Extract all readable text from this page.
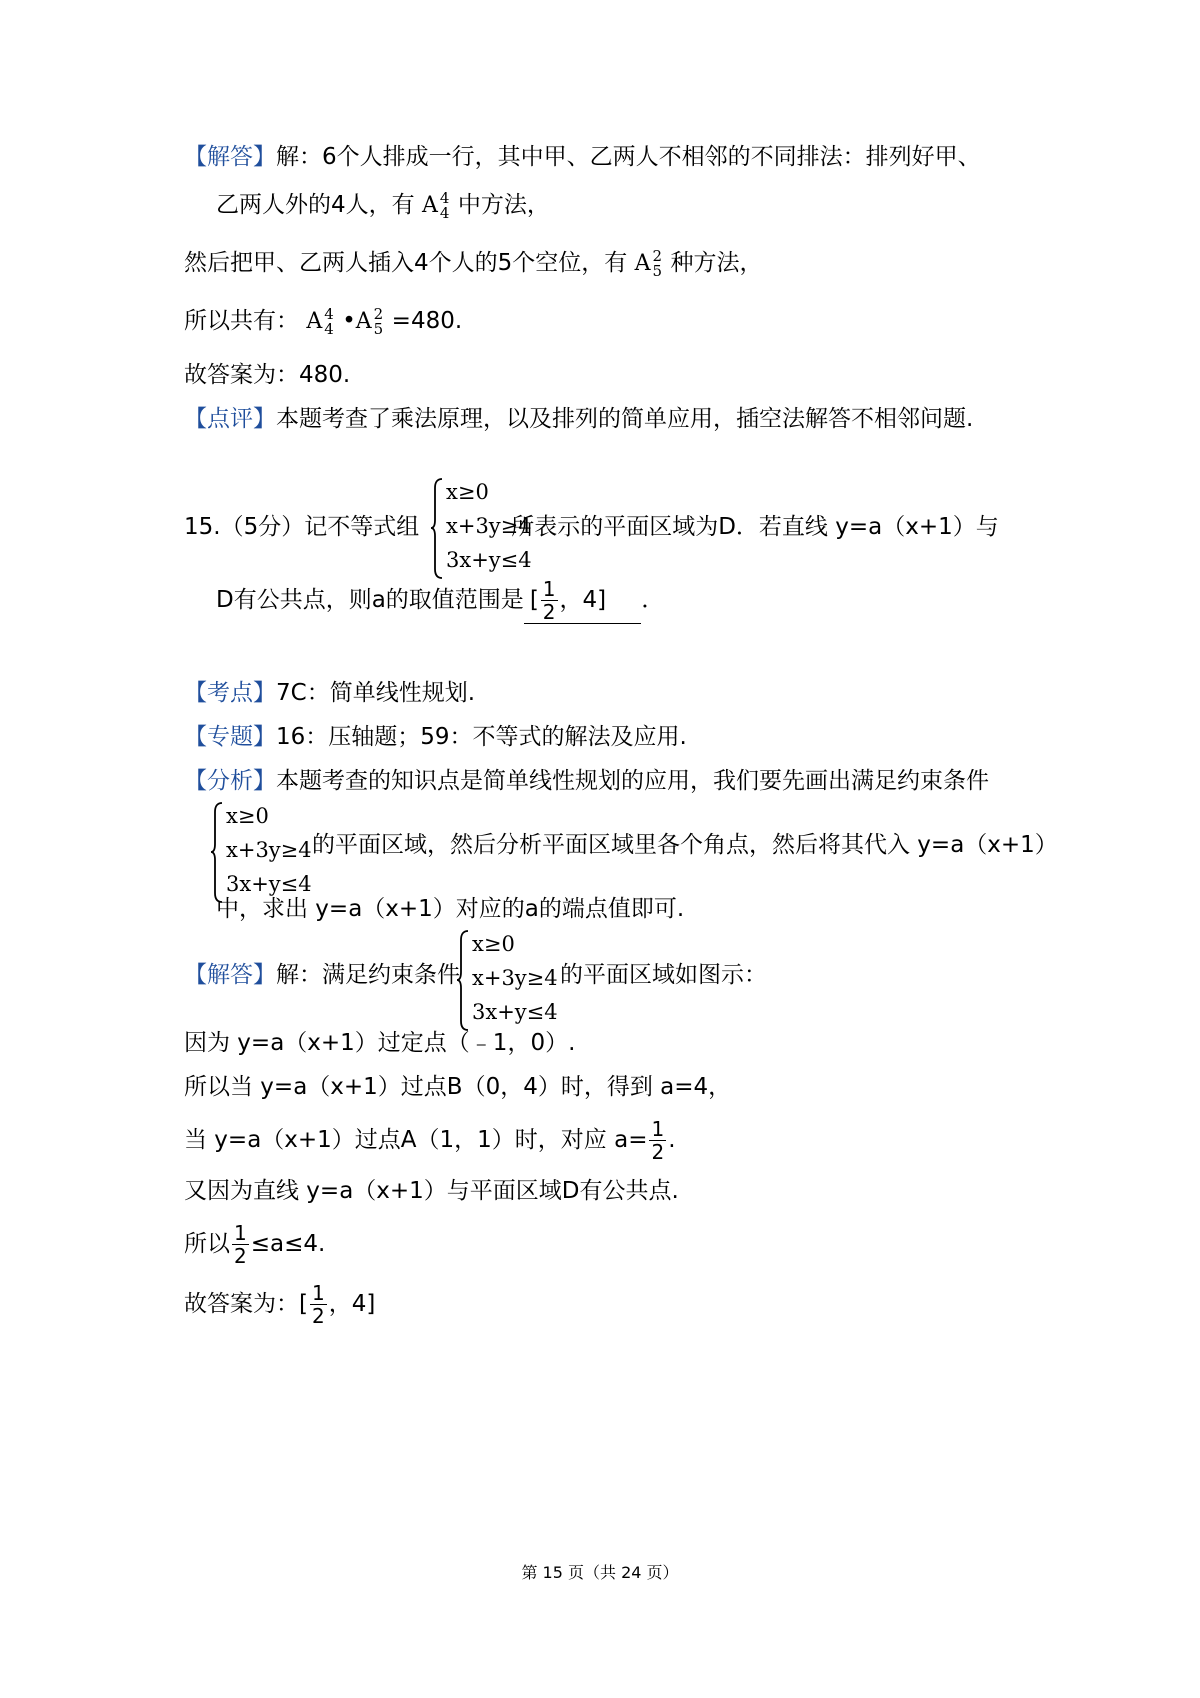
【解答】解：6个人排成一行，其中甲、乙两人不相邻的不同排法：排列好甲、
乙两人外的4人，有 A 4
4 中方法，
然后把甲、乙两人插入4个人的5个空位，有 A 2
5 种方法，
所以共有： A 4
4 •A 2
5 =480.
故答案为：480.
【点评】本题考查了乘法原理，以及排列的简单应用，插空法解答不相邻问题.
15.（5分）记不等式组	所表示的平面区域为D．若直线 y=a（x+1）与
x≥0
x+3y≥4
3x+y≤4
D有公共点，则a的取值范围是 [ $\frac{1}{2}$ ，4] ．
【考点】7C：简单线性规划.
【专题】16：压轴题；59：不等式的解法及应用.
【分析】本题考查的知识点是简单线性规划的应用，我们要先画出满足约束条件
x≥0
x+3y≥4
3x+y≤4
的平面区域，然后分析平面区域里各个角点，然后将其代入 y=a（x+1）
中，求出 y=a（x+1）对应的a的端点值即可.
【解答】解：满足约束条件	的平面区域如图示：
x≥0
x+3y≥4
3x+y≤4
因为 y=a（x+1）过定点（﹣1，0）.
所以当 y=a（x+1）过点B（0，4）时，得到 a=4，
当 y=a（x+1）过点A（1，1）时，对应 $a= \frac{1}{2}$ .
又因为直线 y=a（x+1）与平面区域D有公共点.
所以 $\frac{1}{2} \le a\le 4$.
故答案为：[ $\frac{1}{2}$ ，4]
第 15 页（共 24 页）
